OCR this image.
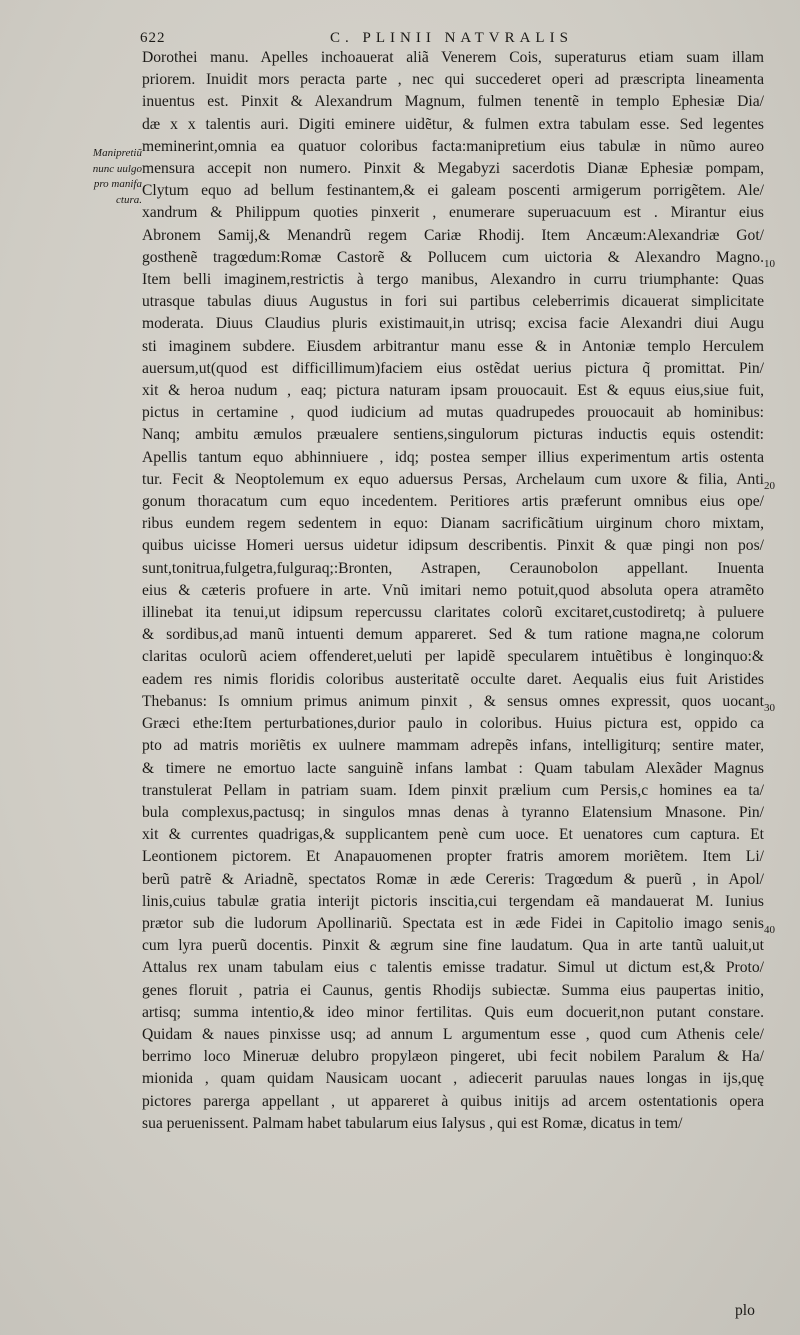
622	C. PLINII NATVRALIS
Manipretiũ
nunc uulgo
pro manifa
ctura.
Dorothei manu. Apelles inchoauerat aliã Venerem Cois, superaturus etiam suam illam
priorem. Inuidit mors peracta parte , nec qui succederet operi ad præscripta lineamenta
inuentus est. Pinxit & Alexandrum Magnum, fulmen tenentẽ in templo Ephesiæ Dia/
dæ x x talentis auri. Digiti eminere uidẽtur, & fulmen extra tabulam esse. Sed legentes
meminerint,omnia ea quatuor coloribus facta:manipretium eius tabulæ in nũmo aureo
mensura accepit non numero. Pinxit & Megabyzi sacerdotis Dianæ Ephesiæ pompam,
Clytum equo ad bellum festinantem,& ei galeam poscenti armigerum porrigẽtem. Ale/
xandrum & Philippum quoties pinxerit , enumerare superuacuum est . Mirantur eius
Abronem Samij,& Menandrũ regem Cariæ Rhodij. Item Ancæum:Alexandriæ Got/
gosthenẽ tragœdum:Romæ Castorẽ & Pollucem cum uictoria & Alexandro Magno.
Item belli imaginem,restrictis à tergo manibus, Alexandro in curru triumphante: Quas
utrasque tabulas diuus Augustus in fori sui partibus celeberrimis dicauerat simplicitate
moderata. Diuus Claudius pluris existimauit,in utrisq; excisa facie Alexandri diui Augu
sti imaginem subdere. Eiusdem arbitrantur manu esse & in Antoniæ templo Herculem
auersum,ut(quod est difficillimum)faciem eius ostẽdat uerius pictura q̃ promittat. Pin/
xit & heroa nudum , eaq; pictura naturam ipsam prouocauit. Est & equus eius,siue fuit,
pictus in certamine , quod iudicium ad mutas quadrupedes prouocauit ab hominibus:
Nanq; ambitu æmulos præualere sentiens,singulorum picturas inductis equis ostendit:
Apellis tantum equo abhinniuere , idq; postea semper illius experimentum artis ostenta
tur. Fecit & Neoptolemum ex equo aduersus Persas, Archelaum cum uxore & filia, Anti
gonum thoracatum cum equo incedentem. Peritiores artis præferunt omnibus eius ope/
ribus eundem regem sedentem in equo: Dianam sacrificãtium uirginum choro mixtam,
quibus uicisse Homeri uersus uidetur idipsum describentis. Pinxit & quæ pingi non pos/
sunt,tonitrua,fulgetra,fulguraq;:Bronten, Astrapen, Ceraunobolon appellant. Inuenta
eius & cæteris profuere in arte. Vnũ imitari nemo potuit,quod absoluta opera atramẽto
illinebat ita tenui,ut idipsum repercussu claritates colorũ excitaret,custodiretq; à puluere
& sordibus,ad manũ intuenti demum appareret. Sed & tum ratione magna,ne colorum
claritas oculorũ aciem offenderet,ueluti per lapidẽ specularem intuẽtibus è longinquo:&
eadem res nimis floridis coloribus austeritatẽ occulte daret. Aequalis eius fuit Aristides
Thebanus: Is omnium primus animum pinxit , & sensus omnes expressit, quos uocant
Græci ethe:Item perturbationes,durior paulo in coloribus. Huius pictura est, oppido ca
pto ad matris moriẽtis ex uulnere mammam adrepẽs infans, intelligiturq; sentire mater,
& timere ne emortuo lacte sanguinẽ infans lambat : Quam tabulam Alexãder Magnus
transtulerat Pellam in patriam suam. Idem pinxit prælium cum Persis,c homines ea ta/
bula complexus,pactusq; in singulos mnas denas à tyranno Elatensium Mnasone. Pin/
xit & currentes quadrigas,& supplicantem penè cum uoce. Et uenatores cum captura. Et
Leontionem pictorem. Et Anapauomenen propter fratris amorem moriẽtem. Item Li/
berũ patrẽ & Ariadnẽ, spectatos Romæ in æde Cereris: Tragœdum & puerũ , in Apol/
linis,cuius tabulæ gratia interijt pictoris inscitia,cui tergendam eã mandauerat M. Iunius
prætor sub die ludorum Apollinariũ. Spectata est in æde Fidei in Capitolio imago senis
cum lyra puerũ docentis. Pinxit & ægrum sine fine laudatum. Qua in arte tantũ ualuit,ut
Attalus rex unam tabulam eius c talentis emisse tradatur. Simul ut dictum est,& Proto/
genes floruit , patria ei Caunus, gentis Rhodijs subiectæ. Summa eius paupertas initio,
artisq; summa intentio,& ideo minor fertilitas. Quis eum docuerit,non putant constare.
Quidam & naues pinxisse usq; ad annum L argumentum esse , quod cum Athenis cele/
berrimo loco Mineruæ delubro propylæon pingeret, ubi fecit nobilem Paralum & Ha/
mionida , quam quidam Nausicam uocant , adiecerit paruulas naues longas in ijs,quę
pictores parerga appellant , ut appareret à quibus initijs ad arcem ostentationis opera
sua peruenissent. Palmam habet tabularum eius Ialysus , qui est Romæ, dicatus in tem/
10
20
30
40
plo
